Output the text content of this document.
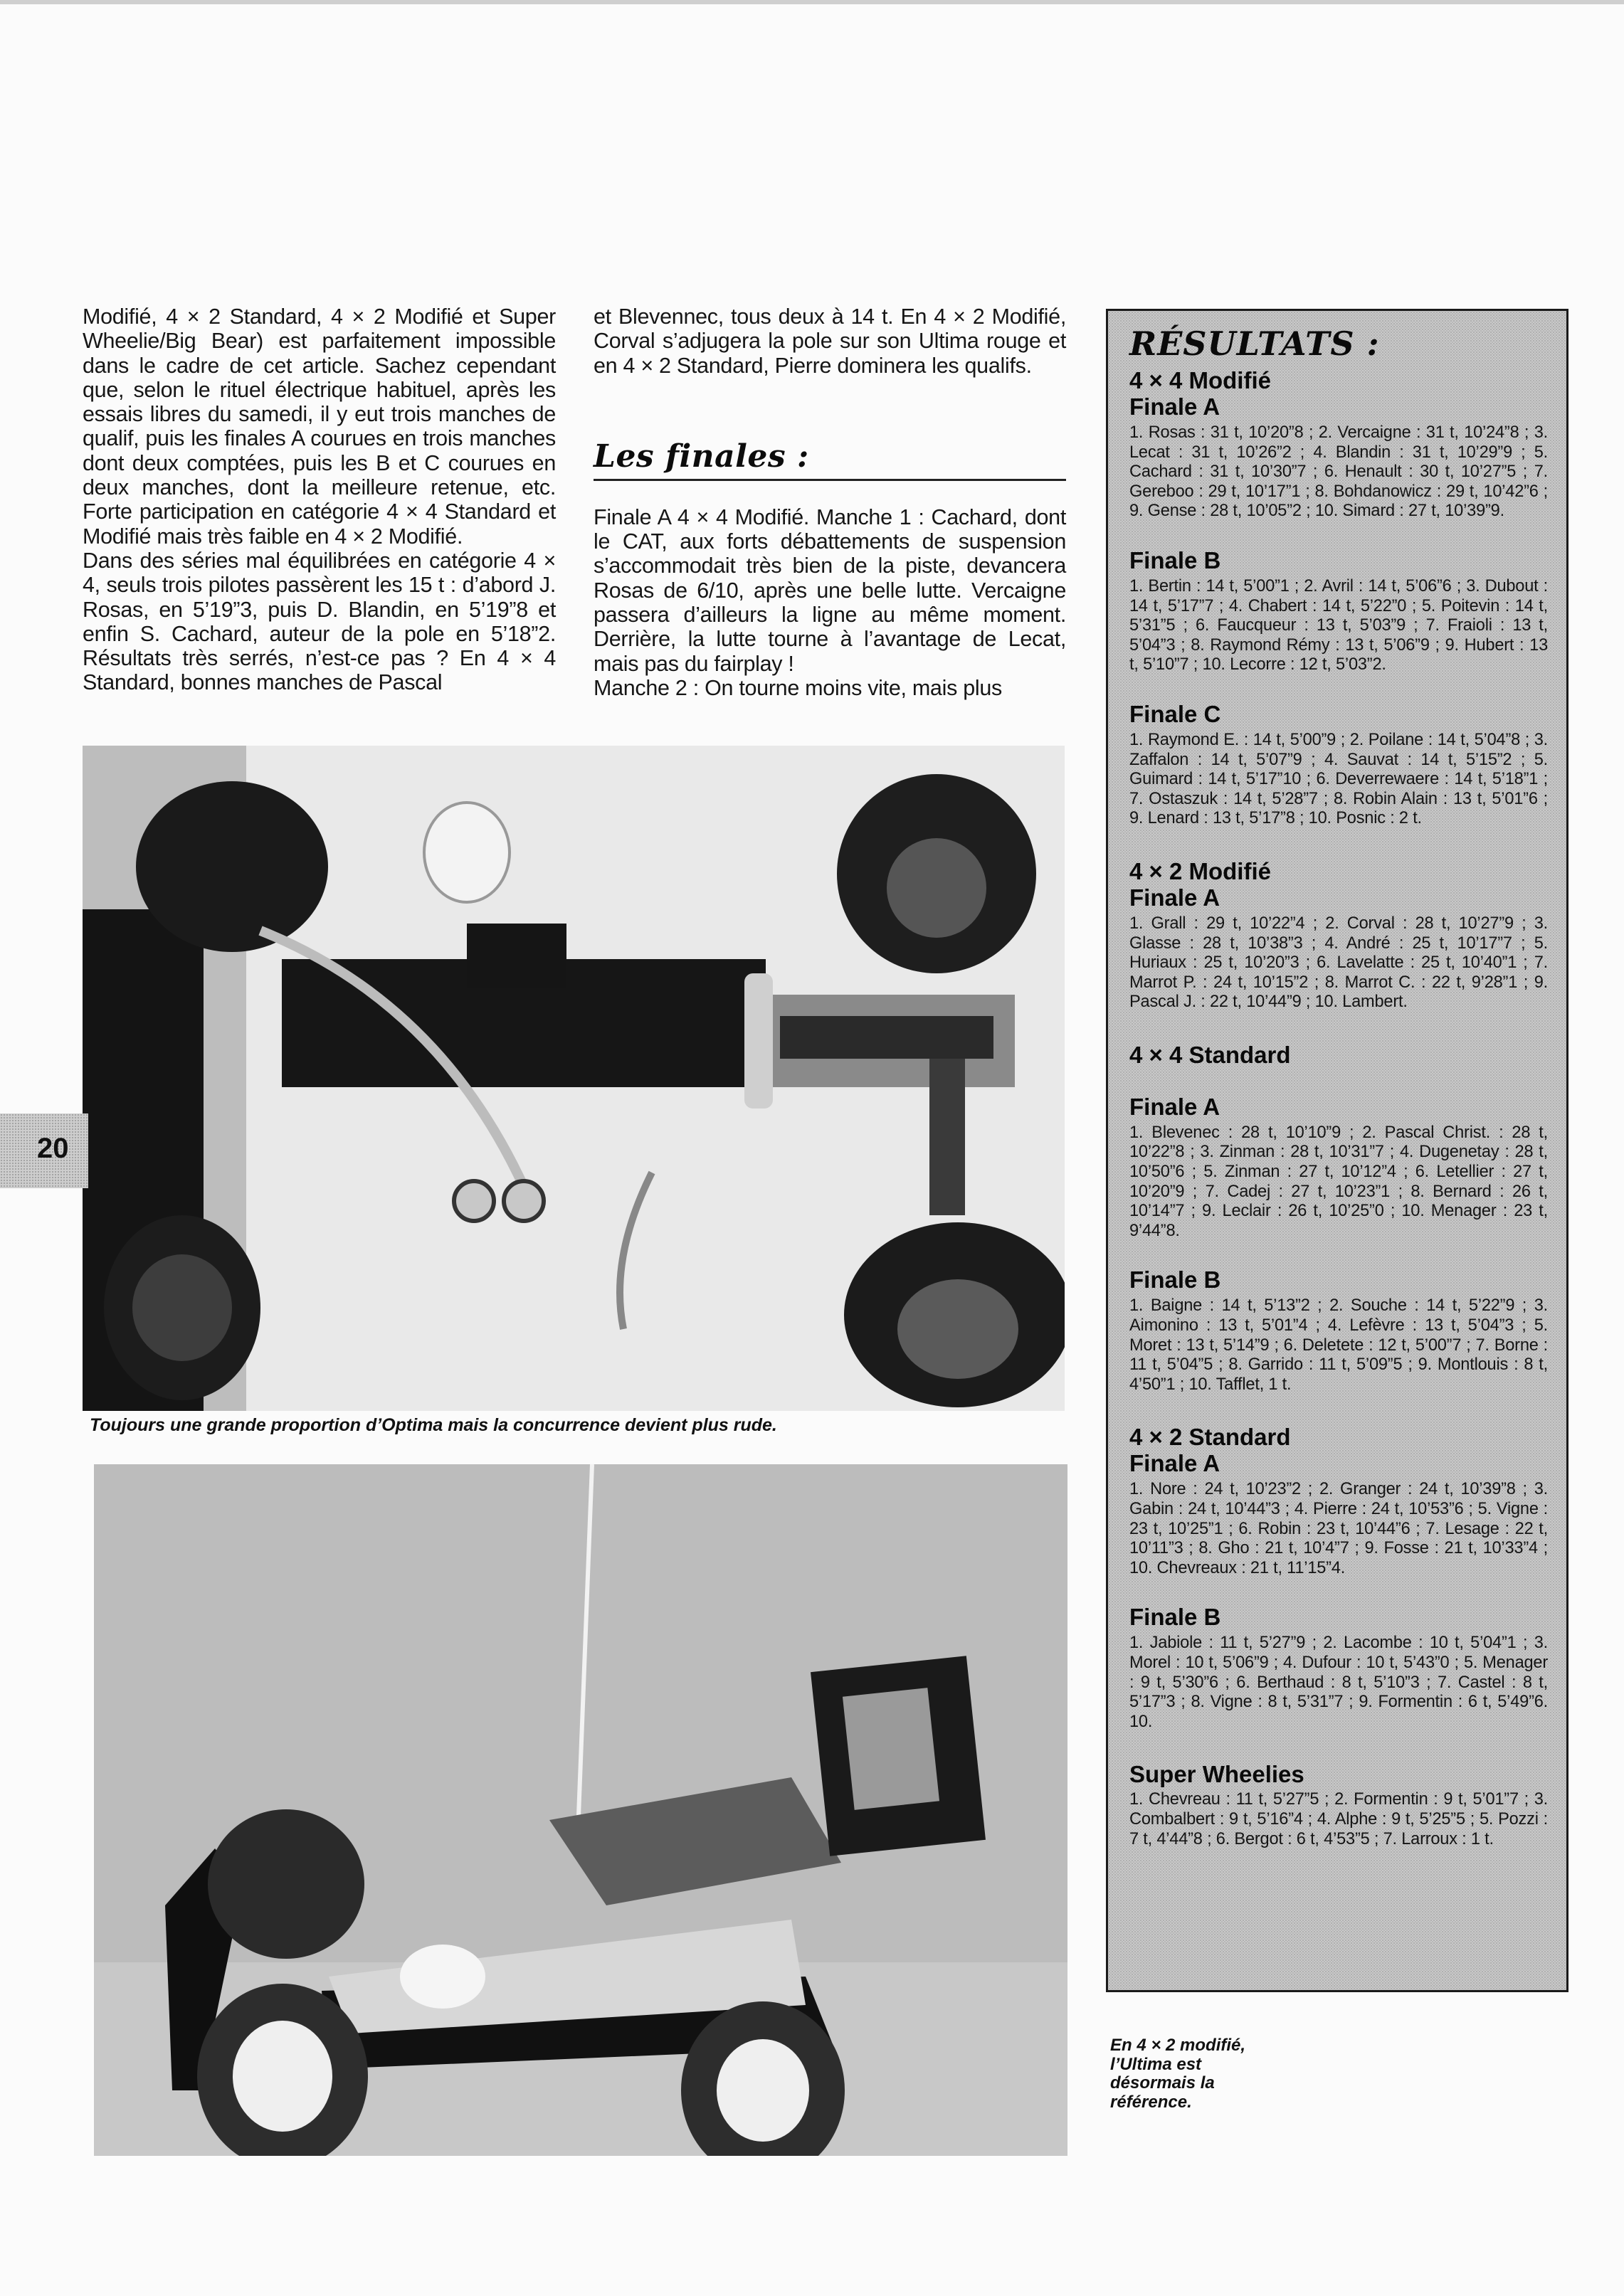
Modifié, 4 × 2 Standard, 4 × 2 Modifié et Super Wheelie/Big Bear) est parfaitement impossible dans le cadre de cet article. Sachez cependant que, selon le rituel électrique habituel, après les essais libres du samedi, il y eut trois manches de qualif, puis les finales A courues en trois manches dont deux comptées, puis les B et C courues en deux manches, dont la meilleure retenue, etc. Forte participation en catégorie 4 × 4 Standard et Modifié mais très faible en 4 × 2 Modifié.

Dans des séries mal équilibrées en catégorie 4 × 4, seuls trois pilotes passèrent les 15 t : d’abord J. Rosas, en 5’19”3, puis D. Blandin, en 5’19”8 et enfin S. Cachard, auteur de la pole en 5’18”2. Résultats très serrés, n’est-ce pas ? En 4 × 4 Standard, bonnes manches de Pascal

et Blevennec, tous deux à 14 t. En 4 × 2 Modifié, Corval s’adjugera la pole sur son Ultima rouge et en 4 × 2 Standard, Pierre dominera les qualifs.

Les finales :

Finale A 4 × 4 Modifié. Manche 1 : Cachard, dont le CAT, aux forts débattements de suspension s’accommodait très bien de la piste, devancera Rosas de 6/10, après une belle lutte. Vercaigne passera d’ailleurs la ligne au même moment. Derrière, la lutte tourne à l’avantage de Lecat, mais pas du fairplay !

Manche 2 : On tourne moins vite, mais plus

RÉSULTATS :
4 × 4 Modifié
Finale A
1. Rosas : 31 t, 10’20”8 ; 2. Vercaigne : 31 t, 10’24”8 ; 3. Lecat : 31 t, 10’26”2 ; 4. Blandin : 31 t, 10’29”9 ; 5. Cachard : 31 t, 10’30”7 ; 6. Henault : 30 t, 10’27”5 ; 7. Gereboo : 29 t, 10’17”1 ; 8. Bohdanowicz : 29 t, 10’42”6 ; 9. Gense : 28 t, 10’05”2 ; 10. Simard : 27 t, 10’39”9.
Finale B
1. Bertin : 14 t, 5’00”1 ; 2. Avril : 14 t, 5’06”6 ; 3. Dubout : 14 t, 5’17”7 ; 4. Chabert : 14 t, 5’22”0 ; 5. Poitevin : 14 t, 5’31”5 ; 6. Faucqueur : 13 t, 5’03”9 ; 7. Fraioli : 13 t, 5’04”3 ; 8. Raymond Rémy : 13 t, 5’06”9 ; 9. Hubert : 13 t, 5’10”7 ; 10. Lecorre : 12 t, 5’03”2.
Finale C
1. Raymond E. : 14 t, 5’00”9 ; 2. Poilane : 14 t, 5’04”8 ; 3. Zaffalon : 14 t, 5’07”9 ; 4. Sauvat : 14 t, 5’15”2 ; 5. Guimard : 14 t, 5’17”10 ; 6. Deverrewaere : 14 t, 5’18”1 ; 7. Ostaszuk : 14 t, 5’28”7 ; 8. Robin Alain : 13 t, 5’01”6 ; 9. Lenard : 13 t, 5’17”8 ; 10. Posnic : 2 t.
4 × 2 Modifié
Finale A
1. Grall : 29 t, 10’22”4 ; 2. Corval : 28 t, 10’27”9 ; 3. Glasse : 28 t, 10’38”3 ; 4. André : 25 t, 10’17”7 ; 5. Huriaux : 25 t, 10’20”3 ; 6. Lavelatte : 25 t, 10’40”1 ; 7. Marrot P. : 24 t, 10’15”2 ; 8. Marrot C. : 22 t, 9’28”1 ; 9. Pascal J. : 22 t, 10’44”9 ; 10. Lambert.
4 × 4 Standard
Finale A
1. Blevenec : 28 t, 10’10”9 ; 2. Pascal Christ. : 28 t, 10’22”8 ; 3. Zinman : 28 t, 10’31”7 ; 4. Dugenetay : 28 t, 10’50”6 ; 5. Zinman : 27 t, 10’12”4 ; 6. Letellier : 27 t, 10’20”9 ; 7. Cadej : 27 t, 10’23”1 ; 8. Bernard : 26 t, 10’14”7 ; 9. Leclair : 26 t, 10’25”0 ; 10. Menager : 23 t, 9’44”8.
Finale B
1. Baigne : 14 t, 5’13”2 ; 2. Souche : 14 t, 5’22”9 ; 3. Aimonino : 13 t, 5’01”4 ; 4. Lefèvre : 13 t, 5’04”3 ; 5. Moret : 13 t, 5’14”9 ; 6. Deletete : 12 t, 5’00”7 ; 7. Borne : 11 t, 5’04”5 ; 8. Garrido : 11 t, 5’09”5 ; 9. Montlouis : 8 t, 4’50”1 ; 10. Tafflet, 1 t.
4 × 2 Standard
Finale A
1. Nore : 24 t, 10’23”2 ; 2. Granger : 24 t, 10’39”8 ; 3. Gabin : 24 t, 10’44”3 ; 4. Pierre : 24 t, 10’53”6 ; 5. Vigne : 23 t, 10’25”1 ; 6. Robin : 23 t, 10’44”6 ; 7. Lesage : 22 t, 10’11”3 ; 8. Gho : 21 t, 10’4”7 ; 9. Fosse : 21 t, 10’33”4 ; 10. Chevreaux : 21 t, 11’15”4.
Finale B
1. Jabiole : 11 t, 5’27”9 ; 2. Lacombe : 10 t, 5’04”1 ; 3. Morel : 10 t, 5’06”9 ; 4. Dufour : 10 t, 5’43”0 ; 5. Menager : 9 t, 5’30”6 ; 6. Berthaud : 8 t, 5’10”3 ; 7. Castel : 8 t, 5’17”3 ; 8. Vigne : 8 t, 5’31”7 ; 9. Formentin : 6 t, 5’49”6. 10.
Super Wheelies
1. Chevreau : 11 t, 5’27”5 ; 2. Formentin : 9 t, 5’01”7 ; 3. Combalbert : 9 t, 5’16”4 ; 4. Alphe : 9 t, 5’25”5 ; 5. Pozzi : 7 t, 4’44”8 ; 6. Bergot : 6 t, 4’53”5 ; 7. Larroux : 1 t.
Toujours une grande proportion d’Optima mais la concurrence devient plus rude.
En 4 × 2 modifié, l’Ultima est désormais la référence.
20
